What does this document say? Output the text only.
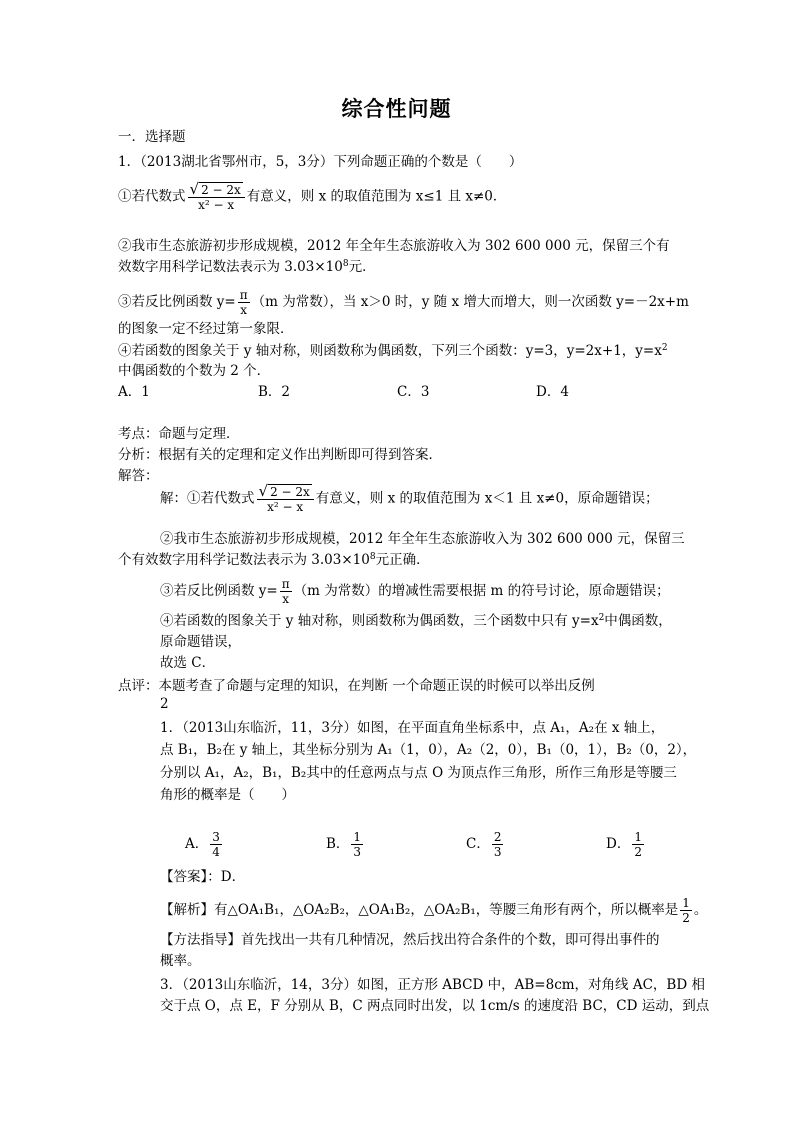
综合性问题
一．选择题
1．（2013湖北省鄂州市，5，3分）下列命题正确的个数是（　　）
①若代数式 $\frac{√ 2 - 2x}{\text{x² − x}}$ 有意义，则 x 的取值范围为 x≤1 且 x≠0．
②我市生态旅游初步形成规模，2012 年全年生态旅游收入为 302 600 000 元，保留三个有
效数字用科学记数法表示为 $3.03\times 10^8$元．
③若反比例函数 $y= \frac{\pi}{x} (m$ 为常数），当 x＞0 时，y 随 x 增大而增大，则一次函数 y=－2x+m
的图象一定不经过第一象限．
④若函数的图象关于 y 轴对称，则函数称为偶函数，下列三个函数：y=3，y=2x+1，$y=x^2$
中偶函数的个数为 2 个．
A．1	B．2	C．3	D．4
考点：命题与定理．
分析：根据有关的定理和定义作出判断即可得到答案．
解答：
解：①若代数式 $\frac{√ 2 - 2x}{\text{x² − x}}$ 有意义，则 x 的取值范围为 x＜1 且 x≠0，原命题错误；
②我市生态旅游初步形成规模，2012 年全年生态旅游收入为 302 600 000 元，保留三
个有效数字用科学记数法表示为 $3.03\times 10^8$元正确．
③若反比例函数 $y= \frac{\pi}{x} (m$ 为常数）的增减性需要根据 m 的符号讨论，原命题错误；
④若函数的图象关于 y 轴对称，则函数称为偶函数，三个函数中只有 $y=x^2$中偶函数，
原命题错误，
故选 C．
点评：本题考查了命题与定理的知识，在判断 一个命题正误的时候可以举出反例
2
1．（2013山东临沂，11，3分）如图，在平面直角坐标系中，点 A₁，A₂在 x 轴上，
点 B₁，B₂在 y 轴上，其坐标分别为 A₁（1，0），A₂（2，0），B₁（0，1），B₂（0，2），
分别以 A₁，A₂，B₁，B₂其中的任意两点与点 O 为顶点作三角形，所作三角形是等腰三
角形的概率是（　　）
A． $\frac{3}{4}$	B． $\frac{1}{3}$	C． $\frac{2}{3}$	D． $\frac{1}{2}$
【答案】：D．
【解析】有△OA₁B₁，△OA₂B₂，△OA₁B₂，△OA₂B₁，等腰三角形有两个，所以概率是 $\frac{1}{2}$ 。
【方法指导】首先找出一共有几种情况，然后找出符合条件的个数，即可得出事件的
概率。
3．（2013山东临沂，14，3分）如图，正方形 ABCD 中，AB=8cm，对角线 AC，BD 相
交于点 O，点 E，F 分别从 B，C 两点同时出发，以 1cm/s 的速度沿 BC，CD 运动，到点
